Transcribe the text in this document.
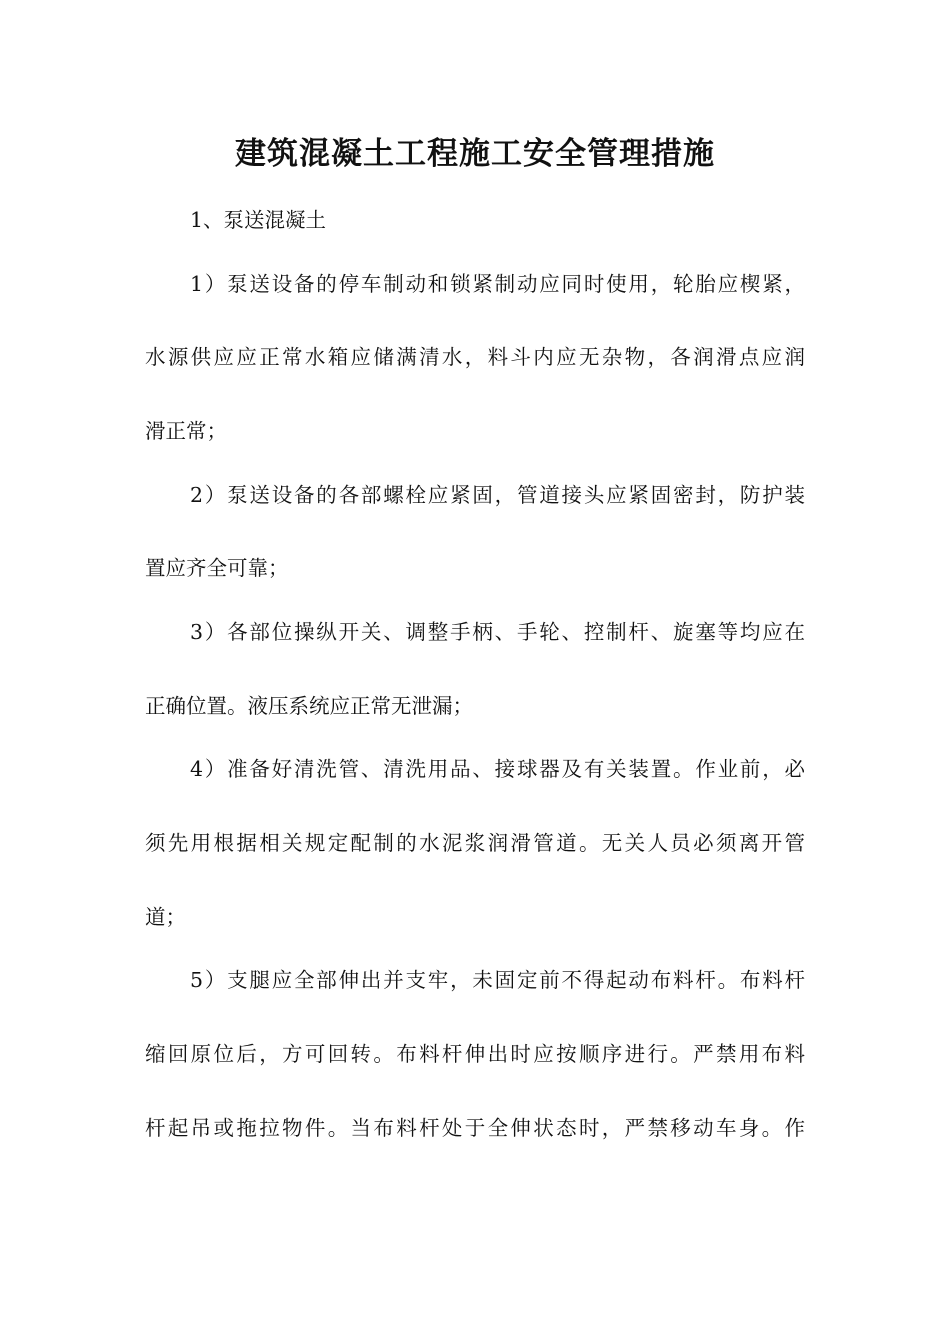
建筑混凝土工程施工安全管理措施
1、泵送混凝土
1）泵送设备的停车制动和锁紧制动应同时使用，轮胎应楔紧，
水源供应应正常水箱应储满清水，料斗内应无杂物，各润滑点应润
滑正常；
2）泵送设备的各部螺栓应紧固，管道接头应紧固密封，防护装
置应齐全可靠；
3）各部位操纵开关、调整手柄、手轮、控制杆、旋塞等均应在
正确位置。液压系统应正常无泄漏；
4）准备好清洗管、清洗用品、接球器及有关装置。作业前，必
须先用根据相关规定配制的水泥浆润滑管道。无关人员必须离开管
道；
5）支腿应全部伸出并支牢，未固定前不得起动布料杆。布料杆
缩回原位后，方可回转。布料杆伸出时应按顺序进行。严禁用布料
杆起吊或拖拉物件。当布料杆处于全伸状态时，严禁移动车身。作
